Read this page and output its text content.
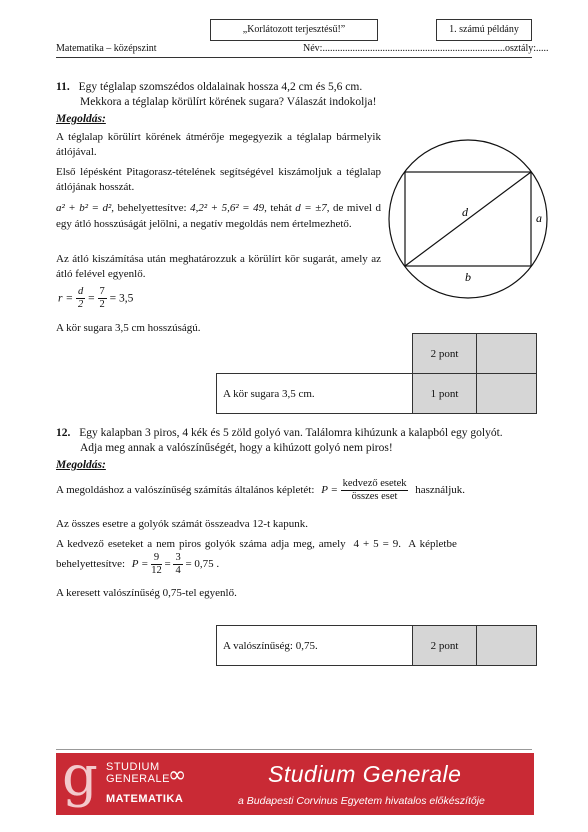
„Korlátozott terjesztésű!”	1. számú példány
Matematika – középszint	Név:.........................................................................osztály:.....
11. Egy téglalap szomszédos oldalainak hossza 4,2 cm és 5,6 cm.
Mekkora a téglalap körülírt körének sugara? Válaszát indokolja!
Megoldás:
A téglalap körülírt körének átmérője megegyezik a téglalap bármelyik átlójával.
Első lépésként Pitagorasz-tételének segítségével kiszámoljuk a téglalap átlójának hosszát.
a² + b² = d², behelyettesítve: 4,2² + 5,6² = 49, tehát d = ±7, de mivel d egy átló hosszúságát jelölni, a negatív megoldás nem értelmezhető.
Az átló kiszámítása után meghatározzuk a körülírt kör sugarát, amely az átló felével egyenlő.
$r = \frac{d}{2} = \frac{7}{2} = 3,5$
A kör sugara 3,5 cm hosszúságú.
d	a
b
	2 pont	
A kör sugara 3,5 cm.	1 pont	
12. Egy kalapban 3 piros, 4 kék és 5 zöld golyó van. Találomra kihúzunk a kalapból egy golyót.
Adja meg annak a valószínűségét, hogy a kihúzott golyó nem piros!
Megoldás:
A megoldáshoz a valószínűség számítás általános képletét: $P = \frac{\text{kedvező esetek}}{\text{összes eset}}$ használjuk.
Az összes esetre a golyók számát összeadva 12-t kapunk.
A kedvező eseteket a nem piros golyók száma adja meg, amely  4 + 5 = 9.  A képletbe
behelyettesítve: $P = \frac{9}{12} = \frac{3}{4} = 0,75$ .
A keresett valószínűség 0,75-tel egyenlő.
A valószínűség: 0,75.	2 pont	
g STUDIUM
GENERALE
∞
MATEMATIKA
Studium Generale
a Budapesti Corvinus Egyetem hivatalos előkészítője
